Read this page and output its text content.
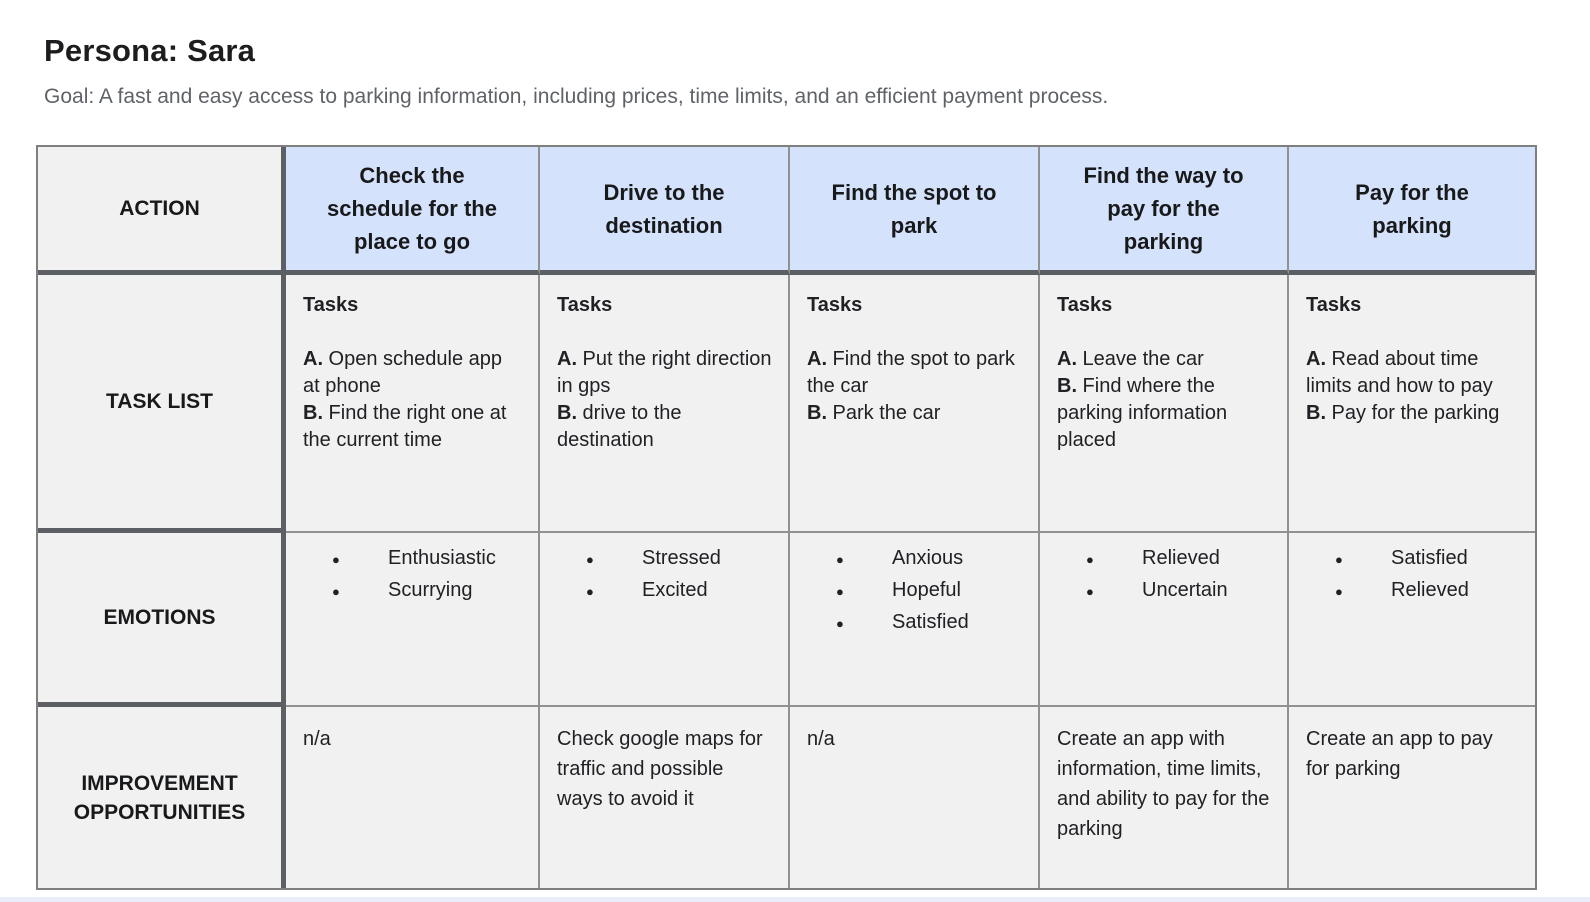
Persona: Sara
Goal: A fast and easy access to parking information, including prices, time limits, and an efficient payment process.
ACTION
Check the schedule for the place to go
Drive to the destination
Find the spot to park
Find the way to pay for the parking
Pay for the parking
TASK LIST
Tasks
A. Open schedule app at phone
B. Find the right one at the current time
Tasks
A. Put the right direction in gps
B. drive to the destination
Tasks
A. Find the spot to park the car
B. Park the car
Tasks
A. Leave the car
B. Find where the parking information placed
Tasks
A. Read about time limits and how to pay
B. Pay for the parking
EMOTIONS
● Enthusiastic
● Scurrying
● Stressed
● Excited
● Anxious
● Hopeful
● Satisfied
● Relieved
● Uncertain
● Satisfied
● Relieved
IMPROVEMENT OPPORTUNITIES
n/a	Check google maps for traffic and possible ways to avoid it
n/a	Create an app with information, time limits, and ability to pay for the parking
Create an app to pay for parking
